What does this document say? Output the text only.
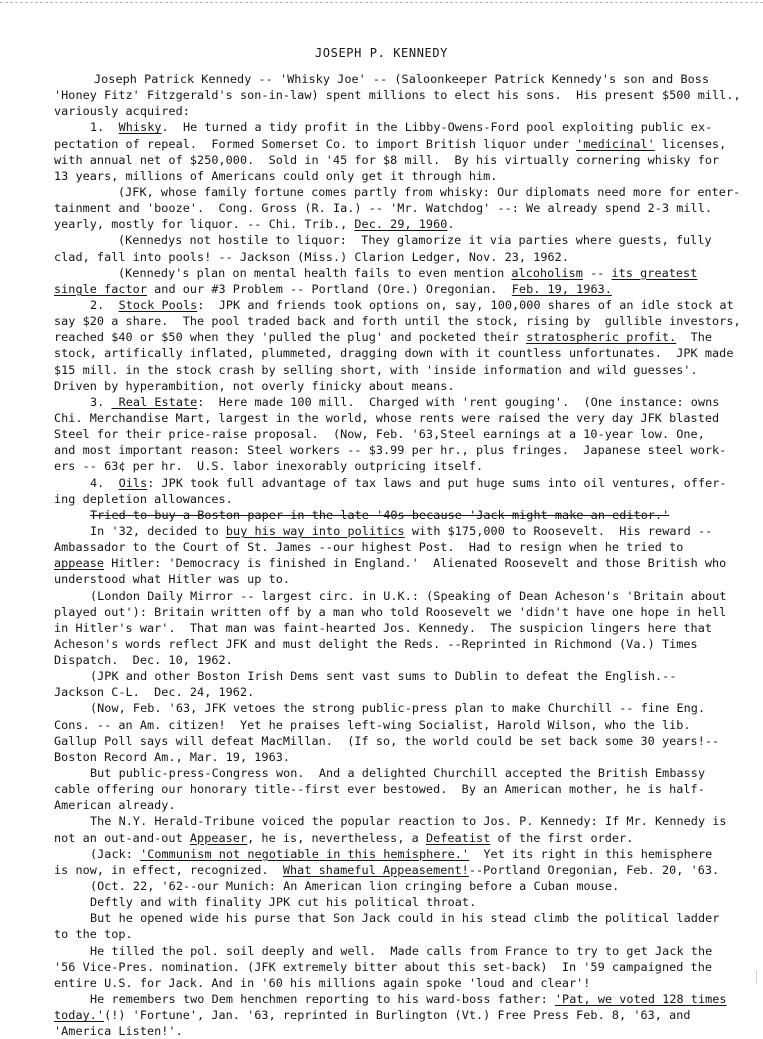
JOSEPH P. KENNEDY
Joseph Patrick Kennedy -- 'Whisky Joe' -- (Saloonkeeper Patrick Kennedy's son and Boss
'Honey Fitz' Fitzgerald's son-in-law) spent millions to elect his sons.  His present $500 mill.,
variously acquired:
1.  Whisky.  He turned a tidy profit in the Libby-Owens-Ford pool exploiting public ex-
pectation of repeal.  Formed Somerset Co. to import British liquor under 'medicinal' licenses,
with annual net of $250,000.  Sold in '45 for $8 mill.  By his virtually cornering whisky for
13 years, millions of Americans could only get it through him.
(JFK, whose family fortune comes partly from whisky: Our diplomats need more for enter-
tainment and 'booze'.  Cong. Gross (R. Ia.) -- 'Mr. Watchdog' --: We already spend 2-3 mill.
yearly, mostly for liquor. -- Chi. Trib., Dec. 29, 1960.
(Kennedys not hostile to liquor:  They glamorize it via parties where guests, fully
clad, fall into pools! -- Jackson (Miss.) Clarion Ledger, Nov. 23, 1962.
(Kennedy's plan on mental health fails to even mention alcoholism -- its greatest
single factor and our #3 Problem -- Portland (Ore.) Oregonian.  Feb. 19, 1963.
2.  Stock Pools:  JPK and friends took options on, say, 100,000 shares of an idle stock at
say $20 a share.  The pool traded back and forth until the stock, rising by  gullible investors,
reached $40 or $50 when they 'pulled the plug' and pocketed their stratospheric profit.  The
stock, artifically inflated, plummeted, dragging down with it countless unfortunates.  JPK made
$15 mill. in the stock crash by selling short, with 'inside information and wild guesses'.
Driven by hyperambition, not overly finicky about means.
3.  Real Estate:  Here made 100 mill.  Charged with 'rent gouging'.  (One instance: owns
Chi. Merchandise Mart, largest in the world, whose rents were raised the very day JFK blasted
Steel for their price-raise proposal.  (Now, Feb. '63,Steel earnings at a 10-year low. One,
and most important reason: Steel workers -- $3.99 per hr., plus fringes.  Japanese steel work-
ers -- 63¢ per hr.  U.S. labor inexorably outpricing itself.
4.  Oils: JPK took full advantage of tax laws and put huge sums into oil ventures, offer-
ing depletion allowances.
Tried to buy a Boston paper in the late '40s because 'Jack might make an editor.'
In '32, decided to buy his way into politics with $175,000 to Roosevelt.  His reward --
Ambassador to the Court of St. James --our highest Post.  Had to resign when he tried to
appease Hitler: 'Democracy is finished in England.'  Alienated Roosevelt and those British who
understood what Hitler was up to.
(London Daily Mirror -- largest circ. in U.K.: (Speaking of Dean Acheson's 'Britain about
played out'): Britain written off by a man who told Roosevelt we 'didn't have one hope in hell
in Hitler's war'.  That man was faint-hearted Jos. Kennedy.  The suspicion lingers here that
Acheson's words reflect JFK and must delight the Reds. --Reprinted in Richmond (Va.) Times
Dispatch.  Dec. 10, 1962.
(JPK and other Boston Irish Dems sent vast sums to Dublin to defeat the English.--
Jackson C-L.  Dec. 24, 1962.
(Now, Feb. '63, JFK vetoes the strong public-press plan to make Churchill -- fine Eng.
Cons. -- an Am. citizen!  Yet he praises left-wing Socialist, Harold Wilson, who the lib.
Gallup Poll says will defeat MacMillan.  (If so, the world could be set back some 30 years!--
Boston Record Am., Mar. 19, 1963.
But public-press-Congress won.  And a delighted Churchill accepted the British Embassy
cable offering our honorary title--first ever bestowed.  By an American mother, he is half-
American already.
The N.Y. Herald-Tribune voiced the popular reaction to Jos. P. Kennedy: If Mr. Kennedy is
not an out-and-out Appeaser, he is, nevertheless, a Defeatist of the first order.
(Jack: 'Communism not negotiable in this hemisphere.'  Yet its right in this hemisphere
is now, in effect, recognized.  What shameful Appeasement!--Portland Oregonian, Feb. 20, '63.
(Oct. 22, '62--our Munich: An American lion cringing before a Cuban mouse.
Deftly and with finality JPK cut his political throat.
But he opened wide his purse that Son Jack could in his stead climb the political ladder
to the top.
He tilled the pol. soil deeply and well.  Made calls from France to try to get Jack the
'56 Vice-Pres. nomination. (JFK extremely bitter about this set-back)  In '59 campaigned the
entire U.S. for Jack. And in '60 his millions again spoke 'loud and clear'!
He remembers two Dem henchmen reporting to his ward-boss father: 'Pat, we voted 128 times
today.'(!) 'Fortune', Jan. '63, reprinted in Burlington (Vt.) Free Press Feb. 8, '63, and
'America Listen!'.
